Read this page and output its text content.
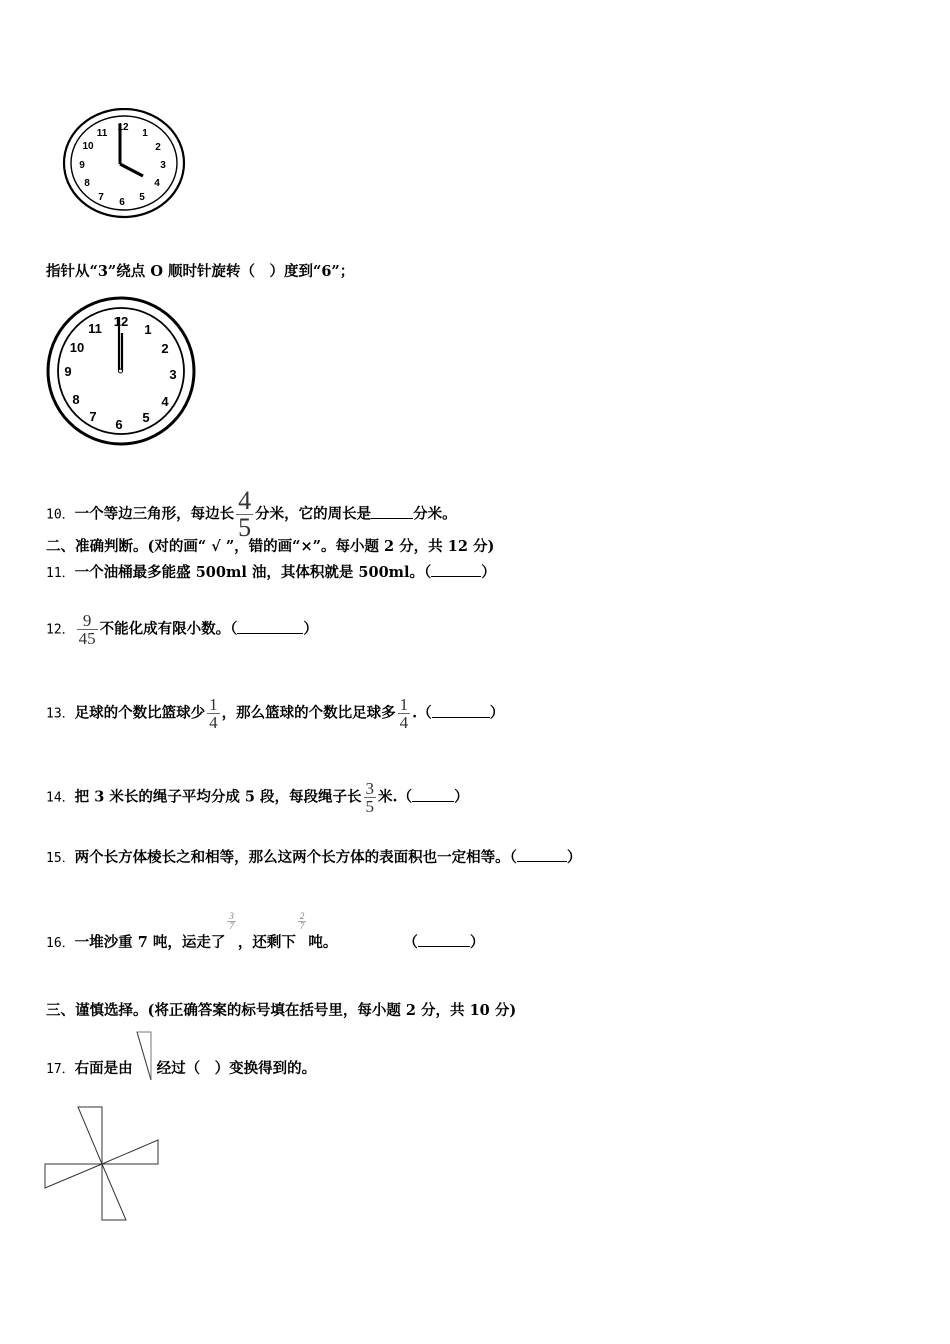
12
1
2
3
4
5
6
7
8
9
10
11
指针从“3”绕点 O 顺时针旋转（　）度到“6”；
12
1
2
3
4
5
6
7
8
9
10
11
10．一个等边三角形，每边长 $\frac{4}{5}$ 分米，它的周长是	分米。
二、准确判断。(对的画“ √ ”，错的画“×”。每小题 2 分，共 12 分)
11．一个油桶最多能盛 500ml 油，其体积就是 500ml。（	）
12． $\frac{9}{45}$ 不能化成有限小数。（	）
13．足球的个数比篮球少 $\frac{1}{4}$ ，那么篮球的个数比足球多 $\frac{1}{4}$ .（	）
14．把 3 米长的绳子平均分成 5 段，每段绳子长 $\frac{3}{5}$ 米.（	）
15．两个长方体棱长之和相等，那么这两个长方体的表面积也一定相等。（	）
16．一堆沙重 7 吨，运走了
$\frac{3}{7}$
，还剩下
$\frac{2}{7}$
吨。	（	）
三、谨慎选择。(将正确答案的标号填在括号里，每小题 2 分，共 10 分)
17．右面是由 经过（　）变换得到的。
